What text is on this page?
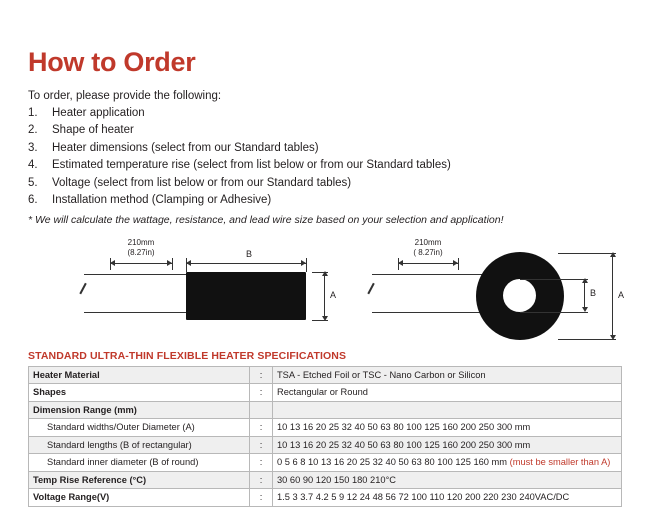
How to Order
To order, please provide the following:
1.	Heater application
2.	Shape of heater
3.	Heater dimensions (select from our Standard tables)
4.	Estimated temperature rise (select from list below or from our Standard tables)
5.	Voltage (select from list below or from our Standard tables)
6.	Installation method (Clamping or Adhesive)
* We will calculate the wattage, resistance, and lead wire size based on your selection and application!
210mm
(8.27in)	B
A
210mm
( 8.27in)
B A
STANDARD ULTRA-THIN FLEXIBLE HEATER SPECIFICATIONS
Heater Material	:	TSA - Etched Foil or TSC - Nano Carbon or Silicon
Shapes	:	Rectangular or Round
Dimension Range (mm)		
Standard widths/Outer Diameter (A)	:	10 13 16 20 25 32 40 50 63 80 100 125 160 200 250 300 mm
Standard lengths (B of rectangular)	:	10 13 16 20 25 32 40 50 63 80 100 125 160 200 250 300 mm
Standard inner diameter (B of round)	:	0 5 6 8 10 13 16 20 25 32 40 50 63 80 100 125 160 mm (must be smaller than A)
Temp Rise Reference (°C)	:	30 60 90 120 150 180 210°C
Voltage Range(V)	:	1.5 3 3.7 4.2 5 9 12 24 48 56 72 100 110 120 200 220 230 240VAC/DC
